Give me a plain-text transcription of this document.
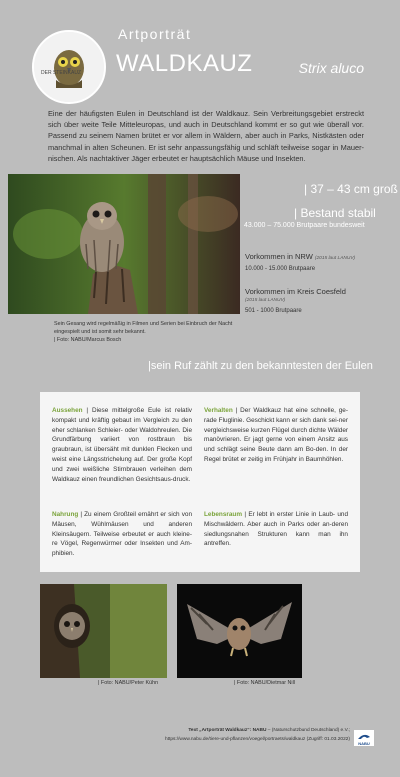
DER STEINKAUZ
Artporträt
WALDKAUZ	Strix aluco
Eine der häufigsten Eulen in Deutschland ist der Waldkauz. Sein Verbreitungsgebiet erstreckt sich über weite Teile Mitteleuropas, und auch in Deutschland kommt er so gut wie überall vor. Passend zu seinem Namen brütet er vor allem in Wäldern, aber auch in Parks, Nistkästen oder manchmal in alten Scheunen. Er ist sehr anpassungsfähig und schläft teilweise sogar in Mauer-nischen. Als nachtaktiver Jäger erbeutet er hauptsächlich Mäuse und Insekten.
| 37 – 43 cm groß
| Bestand stabil
43.000 – 75.000 Brutpaare bundesweit
Vorkommen in NRW (2015 laut LANUV)
10.000 - 15.000 Brutpaare
Vorkommen im Kreis Coesfeld
(2015 laut LANUV)
501 - 1000 Brutpaare
Sein Gesang wird regelmäßig in Filmen und Serien bei Einbruch der Nacht eingespielt und ist somit sehr bekannt.
| Foto: NABU/Marcus Bosch
|sein Ruf zählt zu den bekanntesten der Eulen
Aussehen | Diese mittelgroße Eule ist relativ kompakt und kräftig gebaut im Vergleich zu den eher schlanken Schleier- oder Waldohreulen. Die Grundfärbung variiert von rostbraun bis graubraun, ist übersäht mit dunklen Flecken und weist eine Längsstrichelung auf. Der große Kopf und zwei weißliche Stirnbrauen verleihen dem Waldkauz einen freundlichen Gesichtsaus-druck.
Verhalten | Der Waldkauz hat eine schnelle, ge-rade Fluglinie. Geschickt kann er sich dank sei-ner vergleichsweise kurzen Flügel durch dichte Wälder manövrieren. Er jagt gerne von einem Ansitz aus und schlägt seine Beute dann am Bo-den. In der Regel brütet er zeitig im Frühjahr in Baumhöhlen.
Nahrung | Zu einem Großteil ernährt er sich von Mäusen, Wühlmäusen und anderen Kleinsäugern. Teilweise erbeutet er auch kleine-re Vögel, Regenwürmer oder Insekten und Am-phibien.
Lebensraum | Er lebt in erster Linie in Laub- und Mischwäldern. Aber auch in Parks oder an-deren siedlungsnahen Strukturen kann man ihn antreffen.
| Foto: NABU/Peter Kühn	| Foto: NABU/Dietmar Nill
Text „Artporträt Waldkauz“: NABU – (Naturschutzbund Deutschland) e.V.;
https://www.nabu.de/tiere-und-pflanzen/voegel/portraets/waldkauz (Zugriff: 01.03.2022)
NABU
